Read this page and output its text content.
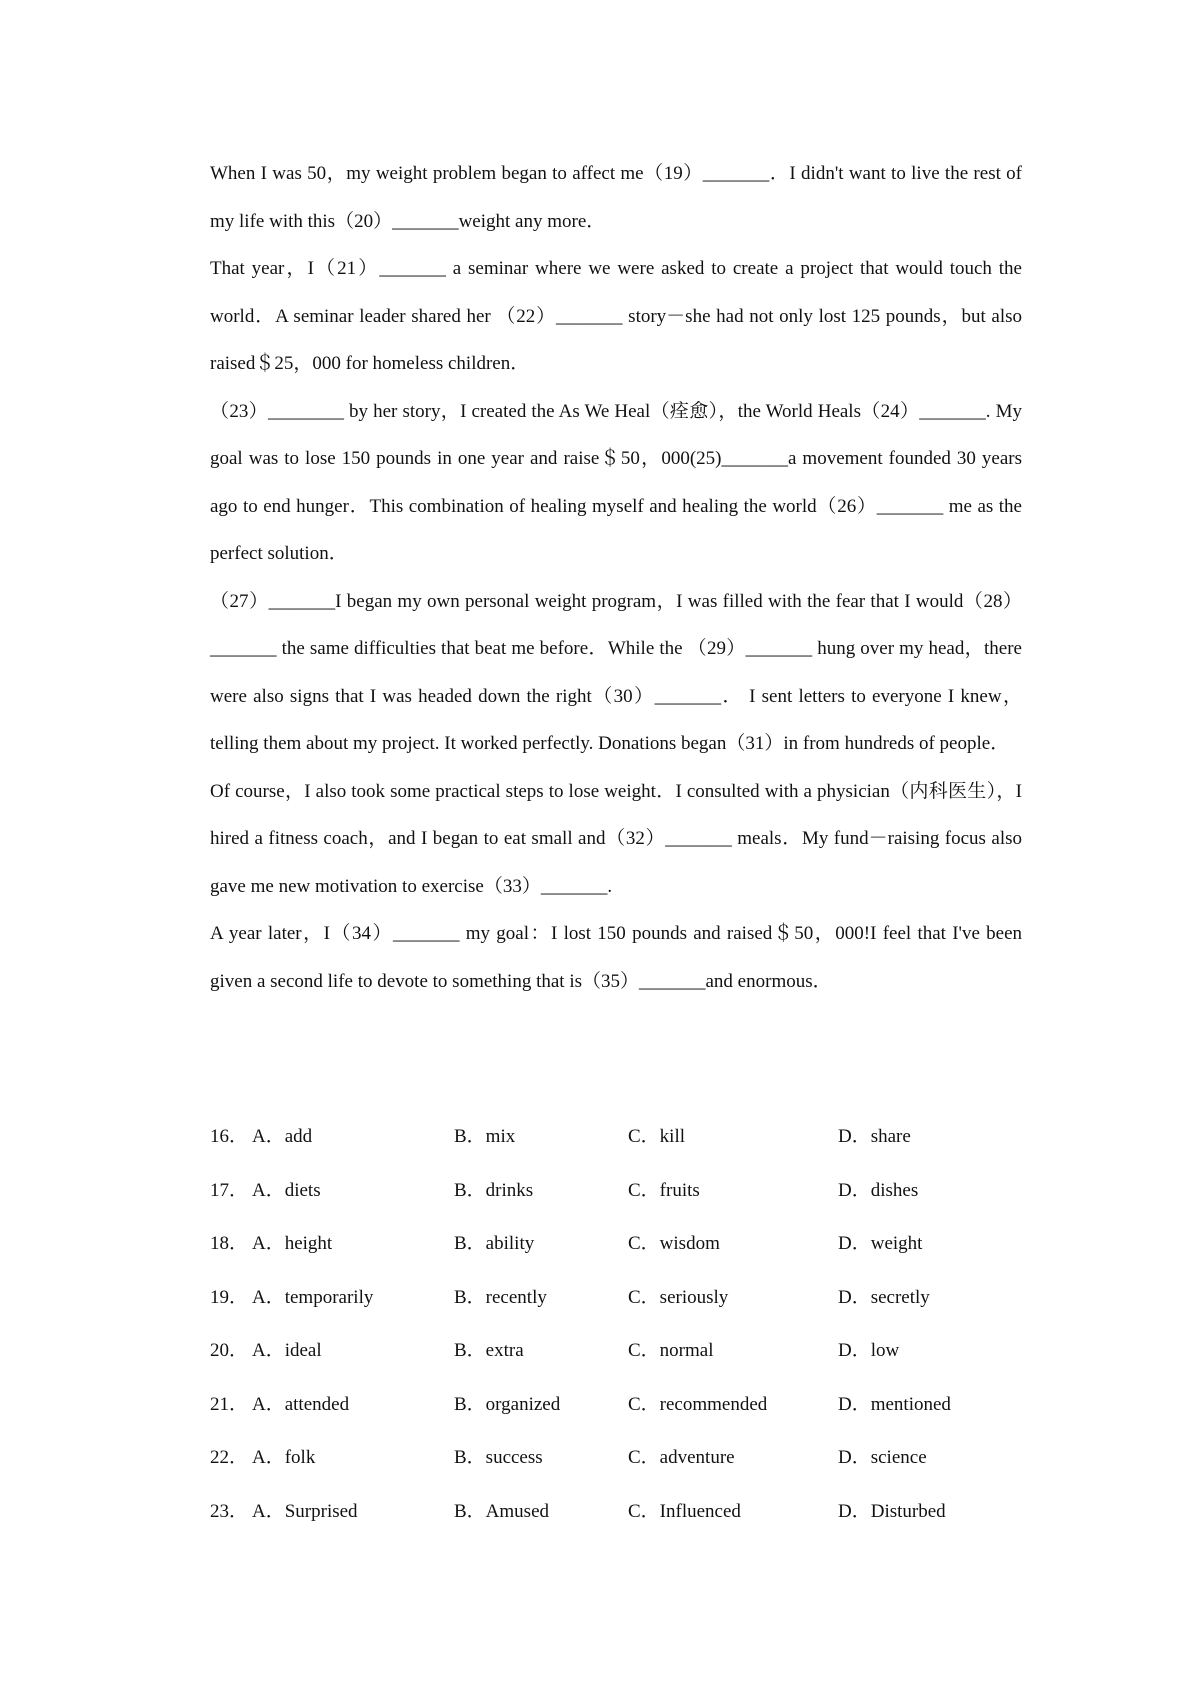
When I was 50，my weight problem began to affect me（19）_______．I didn't want to live the rest of my life with this（20）_______weight any more．

That year，I（21）_______ a seminar where we were asked to create a project that would touch the world．A seminar leader shared her （22）_______ story－she had not only lost 125 pounds，but also raised＄25，000 for homeless children．

（23）________ by her story，I created the As We Heal（痊愈），the World Heals（24）_______. My goal was to lose 150 pounds in one year and raise＄50，000(25)_______a movement founded 30 years ago to end hunger．This combination of healing myself and healing the world（26）_______ me as the perfect solution．

（27）_______I began my own personal weight program，I was filled with the fear that I would（28）_______ the same difficulties that beat me before．While the （29）_______ hung over my head，there were also signs that I was headed down the right（30）_______． I sent letters to everyone I knew，telling them about my project. It worked perfectly. Donations began（31）in from hundreds of people．

Of course，I also took some practical steps to lose weight．I consulted with a physician（内科医生），I hired a fitness coach，and I began to eat small and（32）_______ meals．My fund－raising focus also gave me new motivation to exercise（33）_______.

A year later，I（34）_______ my goal：I lost 150 pounds and raised＄50，000!I feel that I've been given a second life to devote to something that is（35）_______and enormous．

16． A．add	B．mix	C．kill	D．share
17． A．diets	B．drinks	C．fruits	D．dishes
18． A．height	B．ability	C．wisdom	D．weight
19． A．temporarily	B．recently	C．seriously	D．secretly
20． A．ideal	B．extra	C．normal	D．low
21． A．attended	B．organized	C．recommended	D．mentioned
22． A．folk	B．success	C．adventure	D．science
23． A．Surprised	B．Amused	C．Influenced	D．Disturbed
